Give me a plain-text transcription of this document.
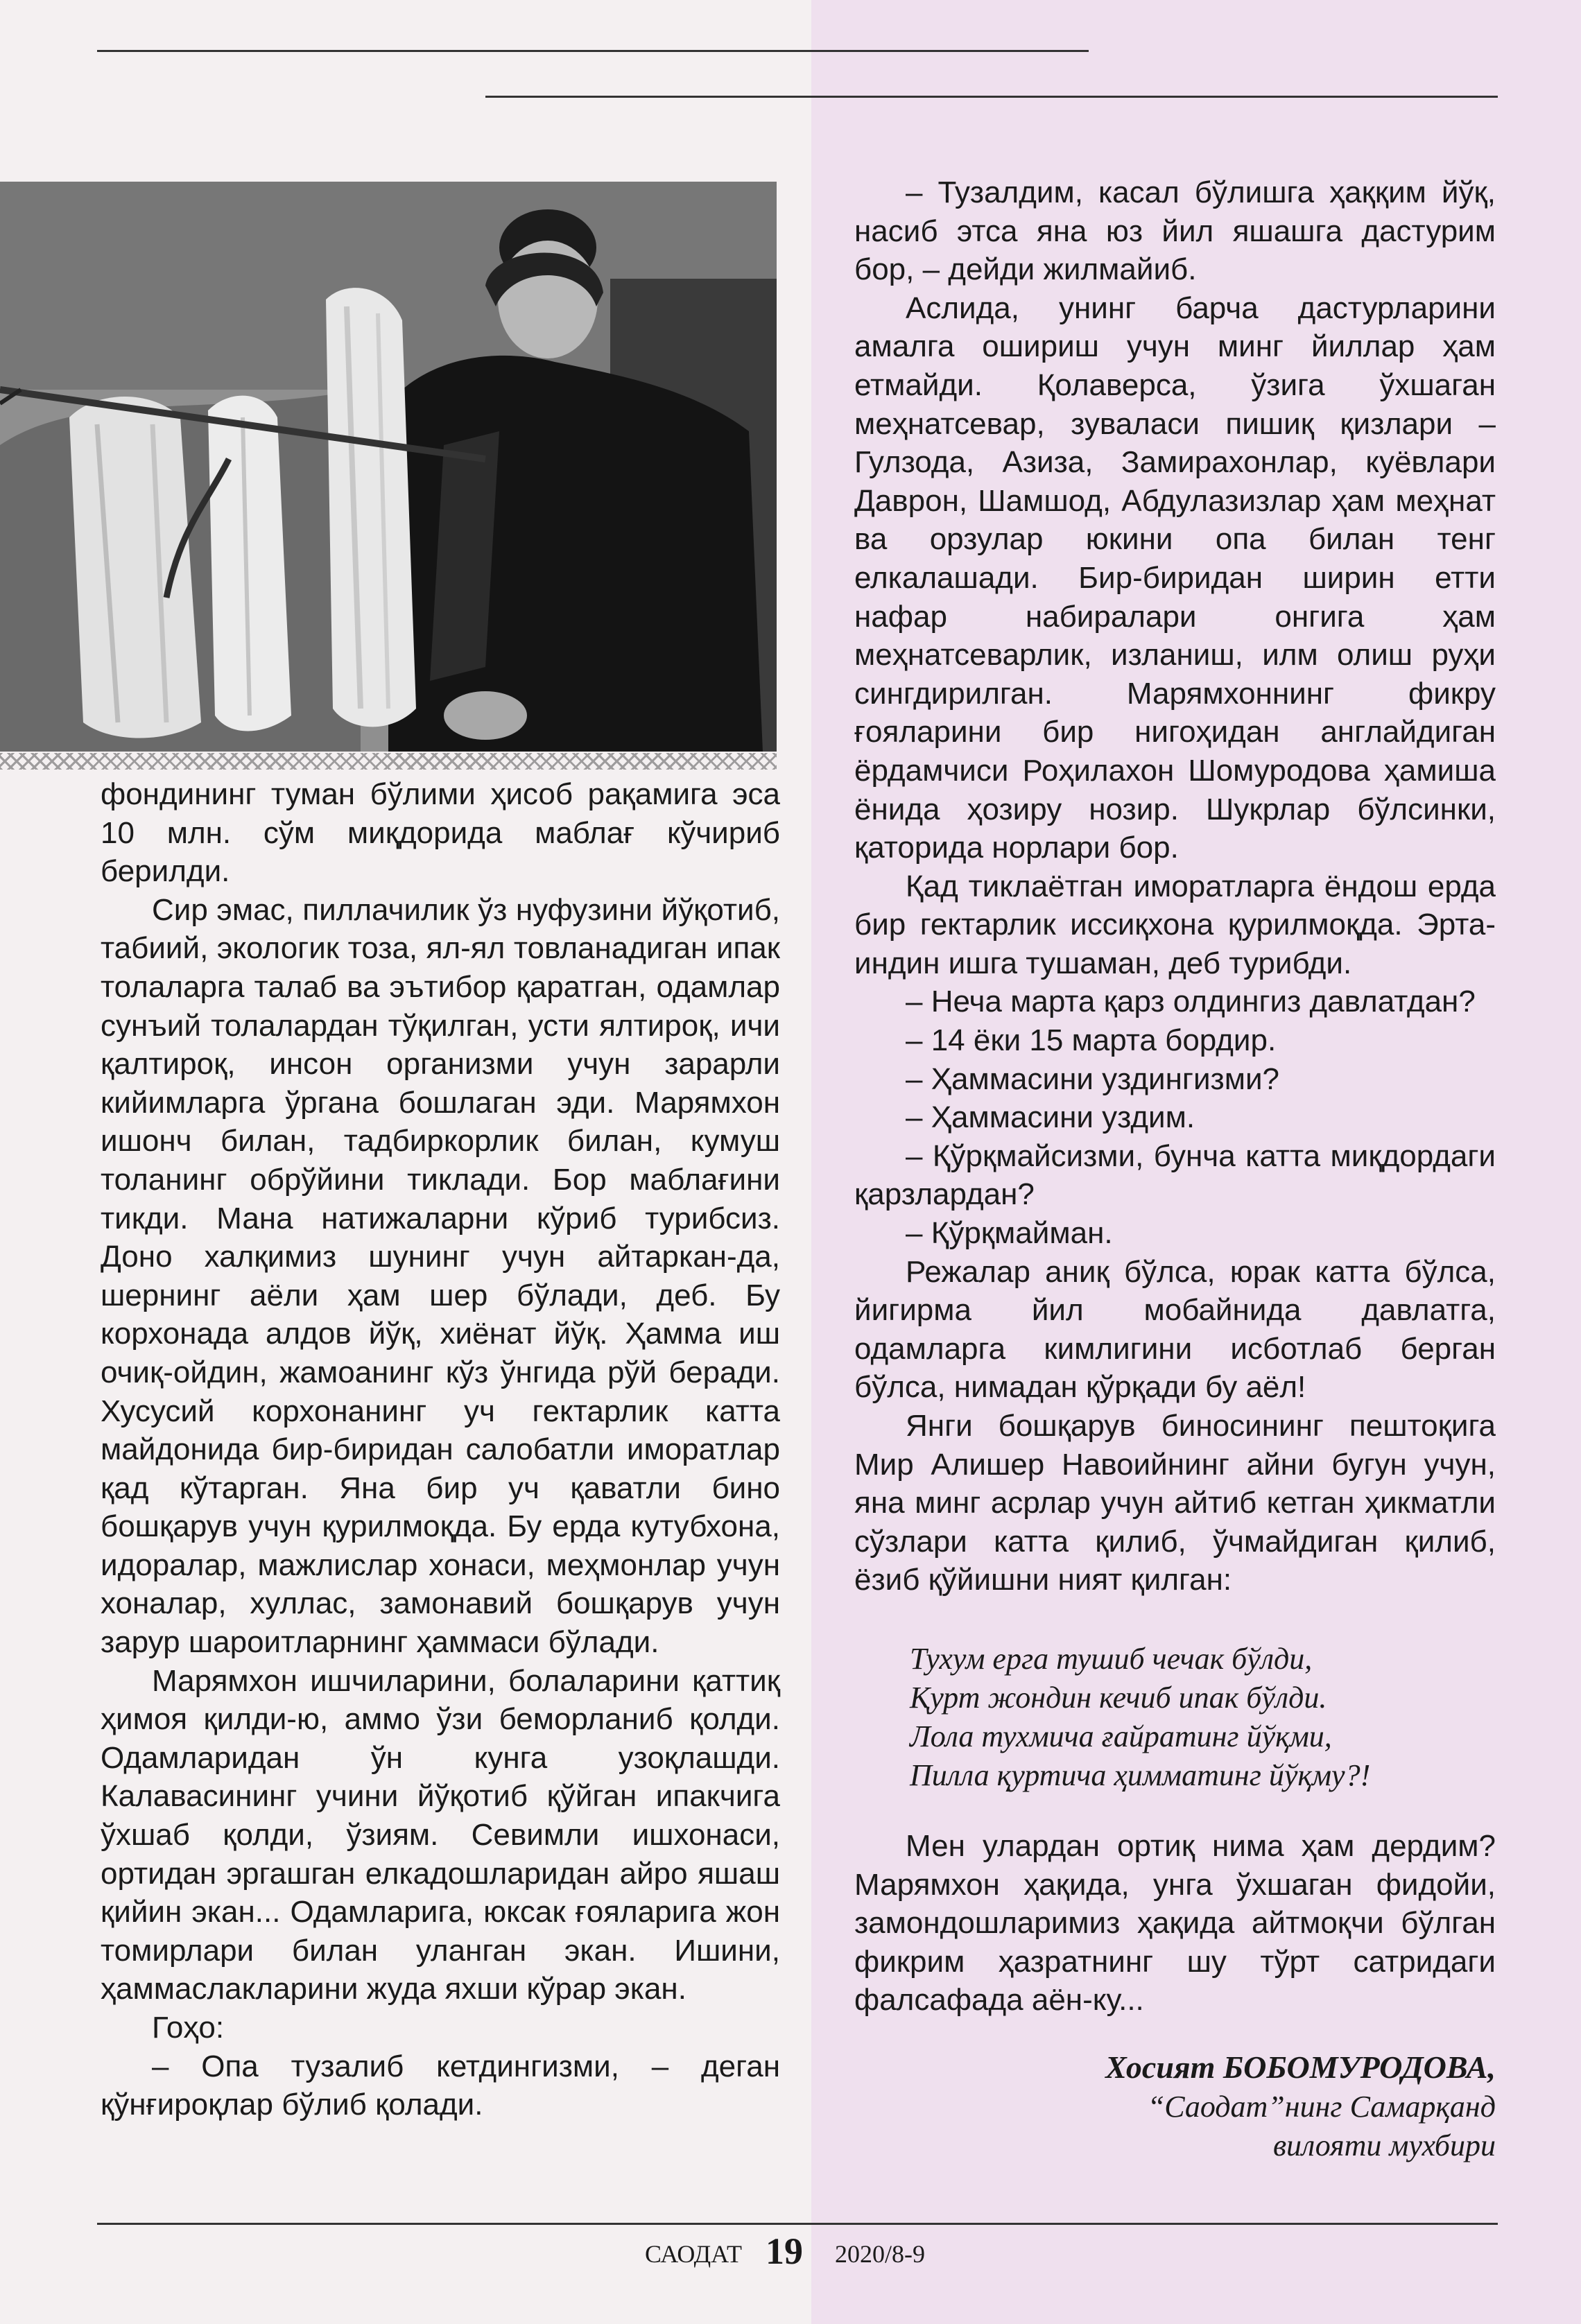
фондининг туман бўлими ҳисоб рақамига эса 10 млн. сўм миқдорида маблағ кўчириб берилди.

Сир эмас, пиллачилик ўз нуфузини йўқотиб, табиий, экологик тоза, ял-ял товланадиган ипак толаларга талаб ва эътибор қаратган, одамлар сунъий толалардан тўқилган, усти ялтироқ, ичи қалтироқ, инсон организми учун зарарли кийимларга ўргана бошлаган эди. Марямхон ишонч билан, тадбиркорлик билан, кумуш толанинг обрўйини тиклади. Бор маблағини тикди. Мана натижаларни кўриб турибсиз. Доно халқимиз шунинг учун айтаркан-да, шернинг аёли ҳам шер бўлади, деб. Бу корхонада алдов йўқ, хиёнат йўқ. Ҳамма иш очиқ-ойдин, жамоанинг кўз ўнгида рўй беради. Хусусий корхонанинг уч гектарлик катта майдонида бир-биридан салобатли иморатлар қад кўтарган. Яна бир уч қаватли бино бошқарув учун қурилмоқда. Бу ерда кутубхона, идоралар, мажлислар хонаси, меҳмонлар учун хоналар, хуллас, замонавий бошқарув учун зарур шароитларнинг ҳаммаси бўлади.

Марямхон ишчиларини, болаларини қаттиқ ҳимоя қилди-ю, аммо ўзи беморланиб қолди. Одамларидан ўн кунга узоқлашди. Калавасининг учини йўқотиб қўйган ипакчига ўхшаб қолди, ўзиям. Севимли ишхонаси, ортидан эргашган елкадошларидан айро яшаш қийин экан... Одамларига, юксак ғояларига жон томирлари билан уланган экан. Ишини, ҳаммаслакларини жуда яхши кўрар экан.

Гоҳо:

– Опа тузалиб кетдингизми, – деган қўнғироқлар бўлиб қолади.

– Тузалдим, касал бўлишга ҳаққим йўқ, насиб этса яна юз йил яшашга дастурим бор, – дейди жилмайиб.

Аслида, унинг барча дастурларини амалга ошириш учун минг йиллар ҳам етмайди. Қолаверса, ўзига ўхшаган меҳнатсевар, зуваласи пишиқ қизлари – Гулзода, Азиза, Замирахонлар, куёвлари Даврон, Шамшод, Абдулазизлар ҳам меҳнат ва орзулар юкини опа билан тенг елкалашади. Бир-биридан ширин етти нафар набиралари онгига ҳам меҳнатсеварлик, изланиш, илм олиш руҳи сингдирилган. Марямхоннинг фикру ғояларини бир нигоҳидан англайдиган ёрдамчиси Роҳилахон Шомуродова ҳамиша ёнида ҳозиру нозир. Шукрлар бўлсинки, қаторида норлари бор.

Қад тиклаётган иморатларга ёндош ерда бир гектарлик иссиқхона қурилмоқда. Эрта-индин ишга тушаман, деб турибди.

– Неча марта қарз олдингиз давлатдан?

– 14 ёки 15 марта бордир.

– Ҳаммасини уздингизми?

– Ҳаммасини уздим.

– Қўрқмайсизми, бунча катта миқдордаги қарзлардан?

– Қўрқмайман.

Режалар аниқ бўлса, юрак катта бўлса, йигирма йил мобайнида давлатга, одамларга кимлигини исботлаб берган бўлса, нимадан қўрқади бу аёл!

Янги бошқарув биносининг пештоқига Мир Алишер Навоийнинг айни бугун учун, яна минг асрлар учун айтиб кетган ҳикматли сўзлари катта қилиб, ўчмайдиган қилиб, ёзиб қўйишни ният қилган:

Тухум ерга тушиб чечак бўлди,
Қурт жондин кечиб ипак бўлди.
Лола тухмича ғайратинг йўқми,
Пилла қуртича ҳимматинг йўқму?!

Мен улардан ортиқ нима ҳам дердим? Марямхон ҳақида, унга ўхшаган фидойи, замондошларимиз ҳақида айтмоқчи бўлган фикрим ҳазратнинг шу тўрт сатридаги фалсафада аён-ку...

Хосият БОБОМУРОДОВА,
“Саодат”нинг Самарқанд
вилояти мухбири
САОДАТ 19 2020/8-9
